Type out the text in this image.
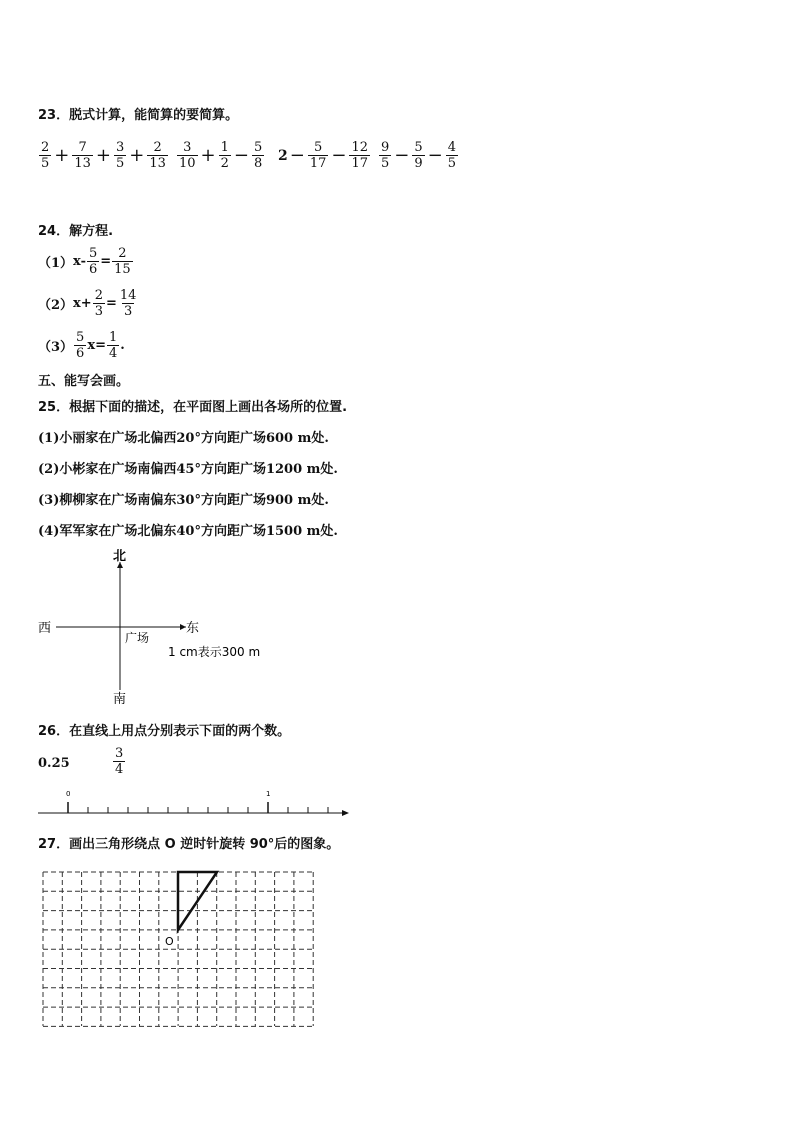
23．脱式计算，能简算的要简算。
$\frac{2}{5} + \frac{7}{13} + \frac{3}{5} + \frac{2}{13} \frac{3}{10} + \frac{1}{2} - \frac{5}{8} 2 - \frac{5}{17} - \frac{12}{17} \frac{9}{5} - \frac{5}{9} - \frac{4}{5}$
24．解方程.
（1） $x- \frac{5}{6} = \frac{2}{15}$
（2） $x+ \frac{2}{3} = \frac{14}{3}$
$(3) \frac{5}{6} x= \frac{1}{4}$ .
五、能写会画。
25．根据下面的描述，在平面图上画出各场所的位置.
(1)小丽家在广场北偏西20°方向距广场600 m处.
(2)小彬家在广场南偏西45°方向距广场1200 m处.
(3)柳柳家在广场南偏东30°方向距广场900 m处.
(4)军军家在广场北偏东40°方向距广场1500 m处.
北
南
西	东
广场
1 cm表示300 m
26．在直线上用点分别表示下面的两个数。
0.25	$\frac{3}{4}$
0	1
27．画出三角形绕点 O 逆时针旋转 90°后的图象。
O
